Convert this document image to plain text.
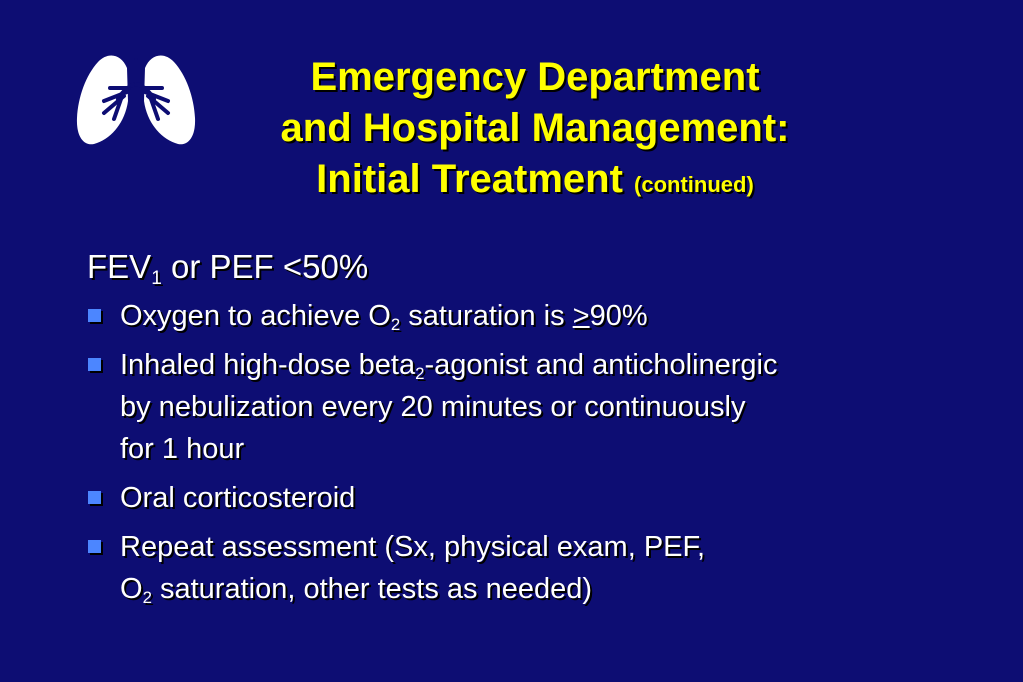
Emergency Department
and Hospital Management:
Initial Treatment (continued)
FEV1 or PEF <50%
Oxygen to achieve O2 saturation is >90%
Inhaled high-dose beta2-agonist and anticholinergic
by nebulization every 20 minutes or continuously
for 1 hour
Oral corticosteroid
Repeat assessment (Sx, physical exam, PEF,
O2 saturation, other tests as needed)
